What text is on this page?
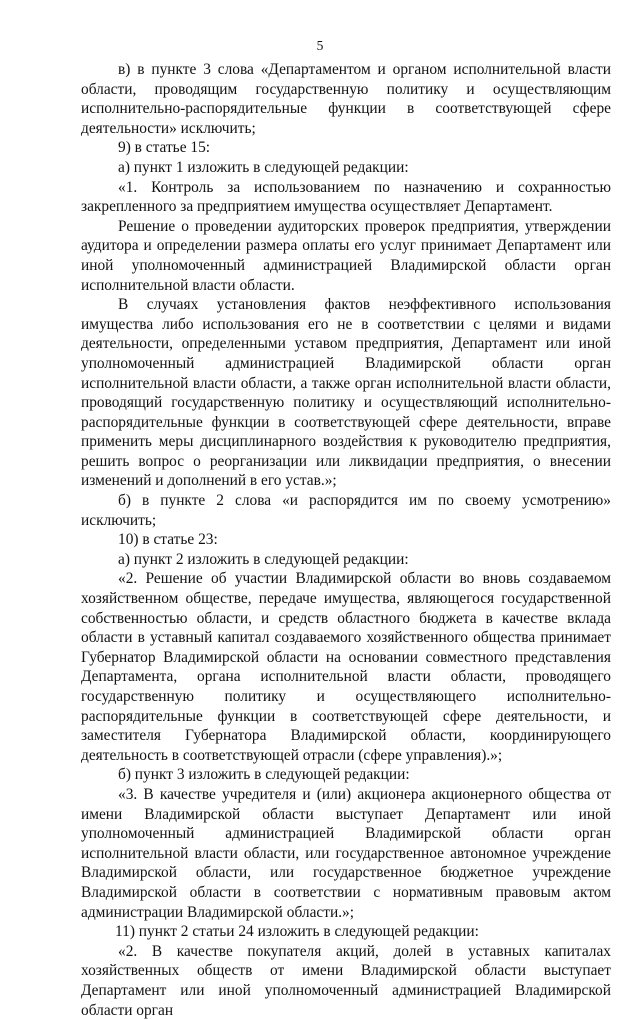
5

в) в пункте 3 слова «Департаментом и органом исполнительной власти области, проводящим государственную политику и осуществляющим исполнительно-распорядительные функции в соответствующей сфере деятельности» исключить;

9) в статье 15:

а) пункт 1 изложить в следующей редакции:

«1. Контроль за использованием по назначению и сохранностью закрепленного за предприятием имущества осуществляет Департамент.

Решение о проведении аудиторских проверок предприятия, утверждении аудитора и определении размера оплаты его услуг принимает Департамент или иной уполномоченный администрацией Владимирской области орган исполнительной власти области.

В случаях установления фактов неэффективного использования имущества либо использования его не в соответствии с целями и видами деятельности, определенными уставом предприятия, Департамент или иной уполномоченный администрацией Владимирской области орган исполнительной власти области, а также орган исполнительной власти области, проводящий государственную политику и осуществляющий исполнительно-распорядительные функции в соответствующей сфере деятельности, вправе применить меры дисциплинарного воздействия к руководителю предприятия, решить вопрос о реорганизации или ликвидации предприятия, о внесении изменений и дополнений в его устав.»;

б) в пункте 2 слова «и распорядится им по своему усмотрению» исключить;

10) в статье 23:

а) пункт 2 изложить в следующей редакции:

«2. Решение об участии Владимирской области во вновь создаваемом хозяйственном обществе, передаче имущества, являющегося государственной собственностью области, и средств областного бюджета в качестве вклада области в уставный капитал создаваемого хозяйственного общества принимает Губернатор Владимирской области на основании совместного представления Департамента, органа исполнительной власти области, проводящего государственную политику и осуществляющего исполнительно-распорядительные функции в соответствующей сфере деятельности, и заместителя Губернатора Владимирской области, координирующего деятельность в соответствующей отрасли (сфере управления).»;

б) пункт 3 изложить в следующей редакции:

«3. В качестве учредителя и (или) акционера акционерного общества от имени Владимирской области выступает Департамент или иной уполномоченный администрацией Владимирской области орган исполнительной власти области, или государственное автономное учреждение Владимирской области, или государственное бюджетное учреждение Владимирской области в соответствии с нормативным правовым актом администрации Владимирской области.»;

11) пункт 2 статьи 24 изложить в следующей редакции:

«2. В качестве покупателя акций, долей в уставных капиталах хозяйственных обществ от имени Владимирской области выступает Департамент или иной уполномоченный администрацией Владимирской области орган
